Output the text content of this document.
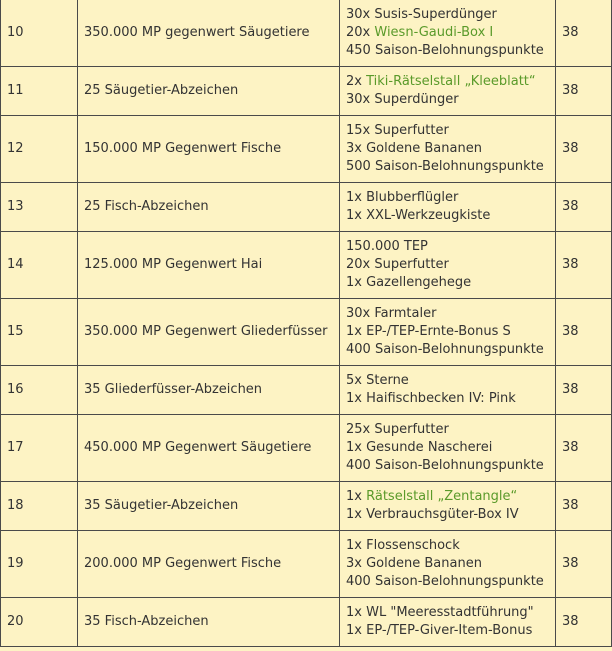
10	350.000 MP gegenwert Säugetiere	30x Susis-Superdünger
20x Wiesn-Gaudi-Box I
450 Saison-Belohnungspunkte	38
11	25 Säugetier-Abzeichen	2x Tiki-Rätselstall „Kleeblatt“
30x Superdünger	38
12	150.000 MP Gegenwert Fische	15x Superfutter
3x Goldene Bananen
500 Saison-Belohnungspunkte	38
13	25 Fisch-Abzeichen	1x Blubberflügler
1x XXL-Werkzeugkiste	38
14	125.000 MP Gegenwert Hai	150.000 TEP
20x Superfutter
1x Gazellengehege	38
15	350.000 MP Gegenwert Gliederfüsser	30x Farmtaler
1x EP-/TEP-Ernte-Bonus S
400 Saison-Belohnungspunkte	38
16	35 Gliederfüsser-Abzeichen	5x Sterne
1x Haifischbecken IV: Pink	38
17	450.000 MP Gegenwert Säugetiere	25x Superfutter
1x Gesunde Nascherei
400 Saison-Belohnungspunkte	38
18	35 Säugetier-Abzeichen	1x Rätselstall „Zentangle“
1x Verbrauchsgüter-Box IV	38
19	200.000 MP Gegenwert Fische	1x Flossenschock
3x Goldene Bananen
400 Saison-Belohnungspunkte	38
20	35 Fisch-Abzeichen	1x WL "Meeresstadtführung"
1x EP-/TEP-Giver-Item-Bonus	38
